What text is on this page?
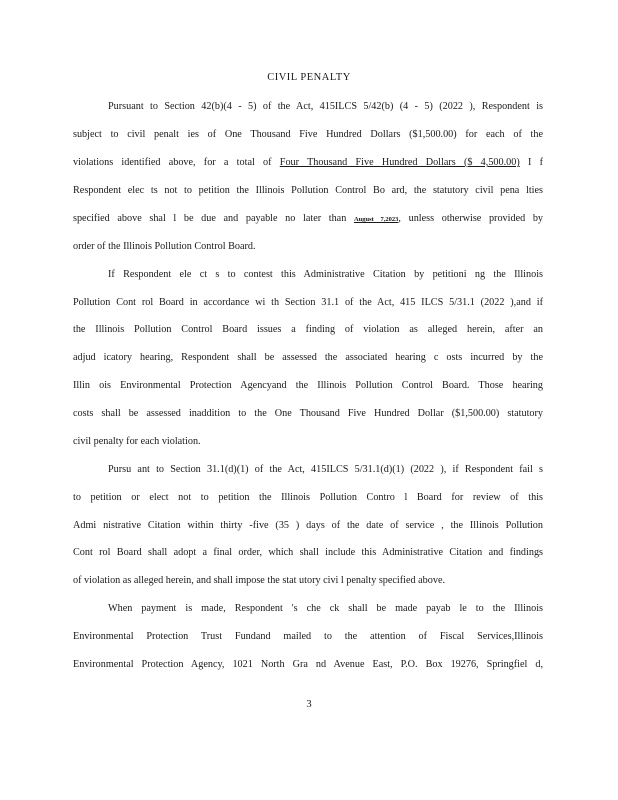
CIVIL PENALTY
Pursuant to Section 42(b)(4 - 5) of the Act, 415ILCS 5/42(b) (4 - 5) (2022 ), Respondent is
subject to civil penalt ies of One Thousand Five Hundred Dollars ($1,500.00) for each of the
violations identified above, for a total of Four Thousand Five Hundred Dollars ($ 4,500.00) I f
Respondent elec ts not to petition the Illinois Pollution Control Bo ard, the statutory civil pena lties
specified above shal l be due and payable no later than August 7,2023, unless otherwise provided by
order of the Illinois Pollution Control Board.
If Respondent ele ct s to contest this Administrative Citation by petitioni ng the Illinois
Pollution Cont rol Board in accordance wi th Section 31.1 of the Act, 415 ILCS 5/31.1 (2022 ),and if
the Illinois Pollution Control Board issues a finding of violation as alleged herein, after an
adjud icatory hearing, Respondent shall be assessed the associated hearing c osts incurred by the
Illin ois Environmental Protection Agencyand the Illinois Pollution Control Board. Those hearing
costs shall be assessed inaddition to the One Thousand Five Hundred Dollar ($1,500.00) statutory
civil penalty for each violation.
Pursu ant to Section 31.1(d)(1) of the Act, 415ILCS 5/31.1(d)(1) (2022 ), if Respondent fail s
to petition or elect not to petition the Illinois Pollution Contro l Board for review of this
Admi nistrative Citation within thirty -five (35 ) days of the date of service , the Illinois Pollution
Cont rol Board shall adopt a final order, which shall include this Administrative Citation and findings
of violation as alleged herein, and shall impose the stat utory civi l penalty specified above.
When payment is made, Respondent 's che ck shall be made payab le to the Illinois
Environmental Protection Trust Fundand mailed to the attention of Fiscal Services,Illinois
Environmental Protection Agency, 1021 North Gra nd Avenue East, P.O. Box 19276, Springfiel d,
3
